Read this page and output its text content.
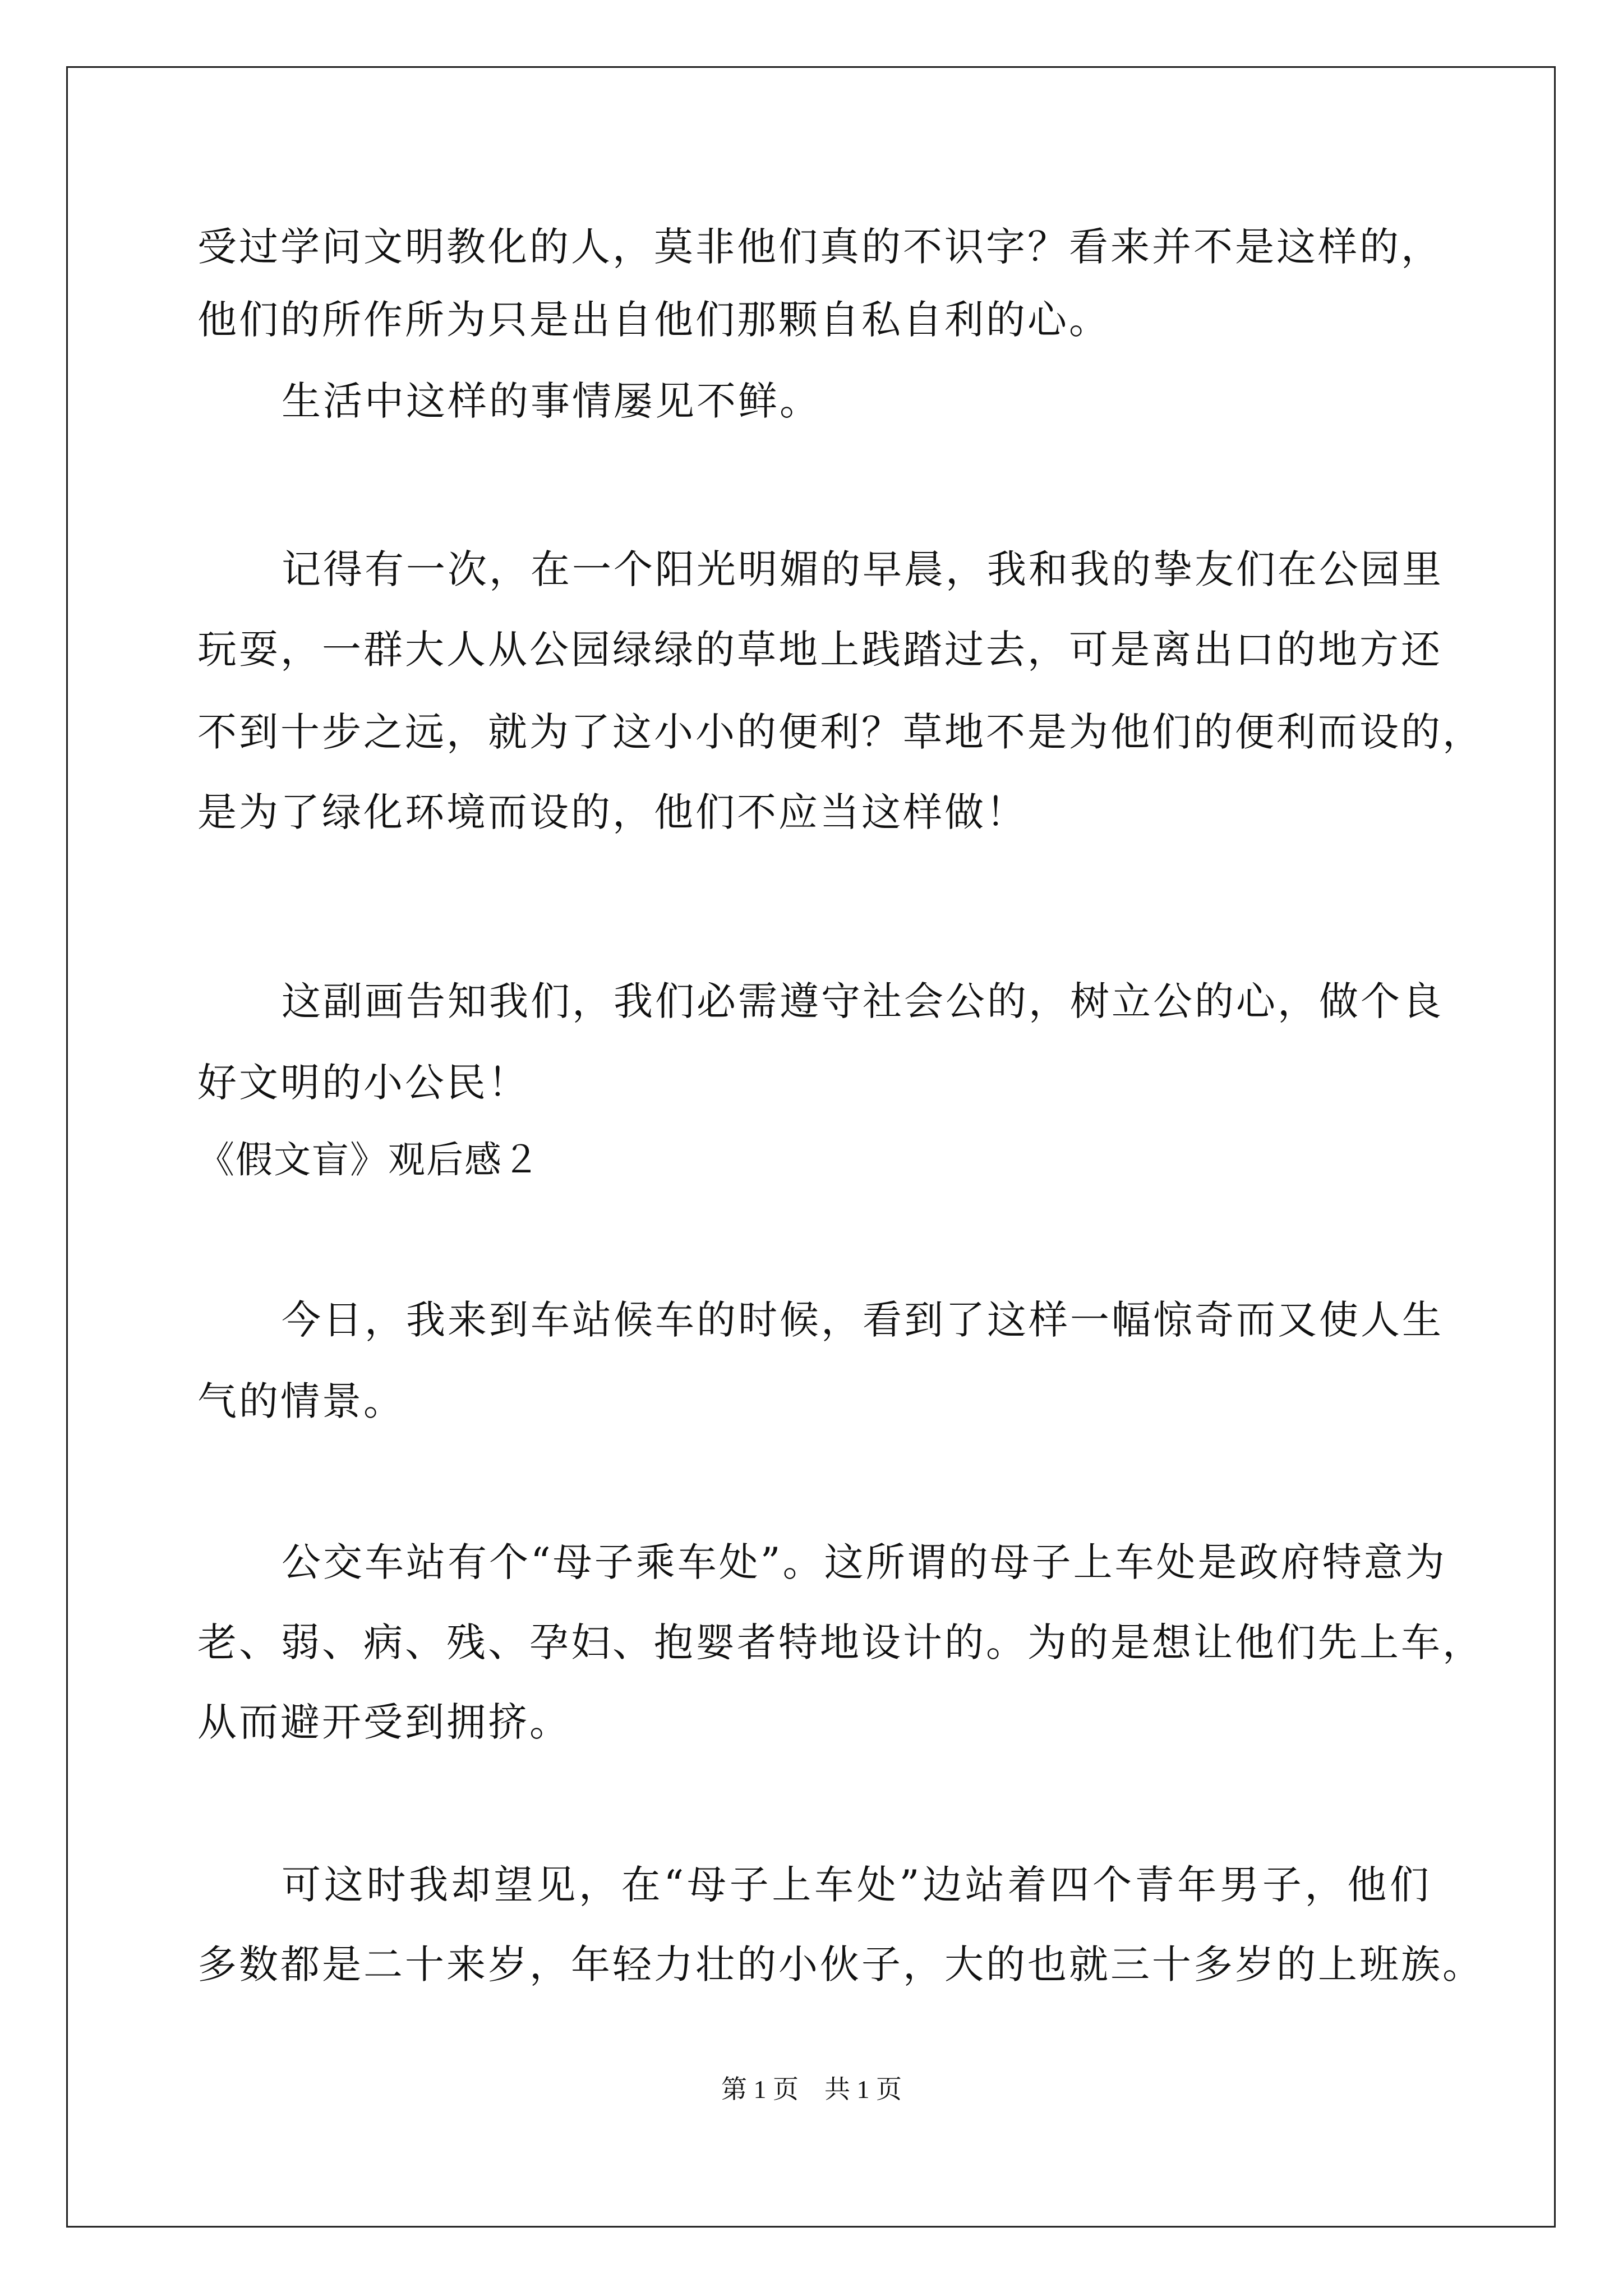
受过学问文明教化的人，莫非他们真的不识字？看来并不是这样的，
他们的所作所为只是出自他们那颗自私自利的心。
生活中这样的事情屡见不鲜。
记得有一次，在一个阳光明媚的早晨，我和我的挚友们在公园里
玩耍，一群大人从公园绿绿的草地上践踏过去，可是离出口的地方还
不到十步之远，就为了这小小的便利？草地不是为他们的便利而设的，
是为了绿化环境而设的，他们不应当这样做！
这副画告知我们，我们必需遵守社会公的，树立公的心，做个良
好文明的小公民！
《假文盲》观后感２
今日，我来到车站候车的时候，看到了这样一幅惊奇而又使人生
气的情景。
公交车站有个“母子乘车处”。这所谓的母子上车处是政府特意为
老、弱、病、残、孕妇、抱婴者特地设计的。为的是想让他们先上车，
从而避开受到拥挤。
可这时我却望见，在“母子上车处”边站着四个青年男子，他们
多数都是二十来岁，年轻力壮的小伙子，大的也就三十多岁的上班族。
第 1 页　共 1 页
